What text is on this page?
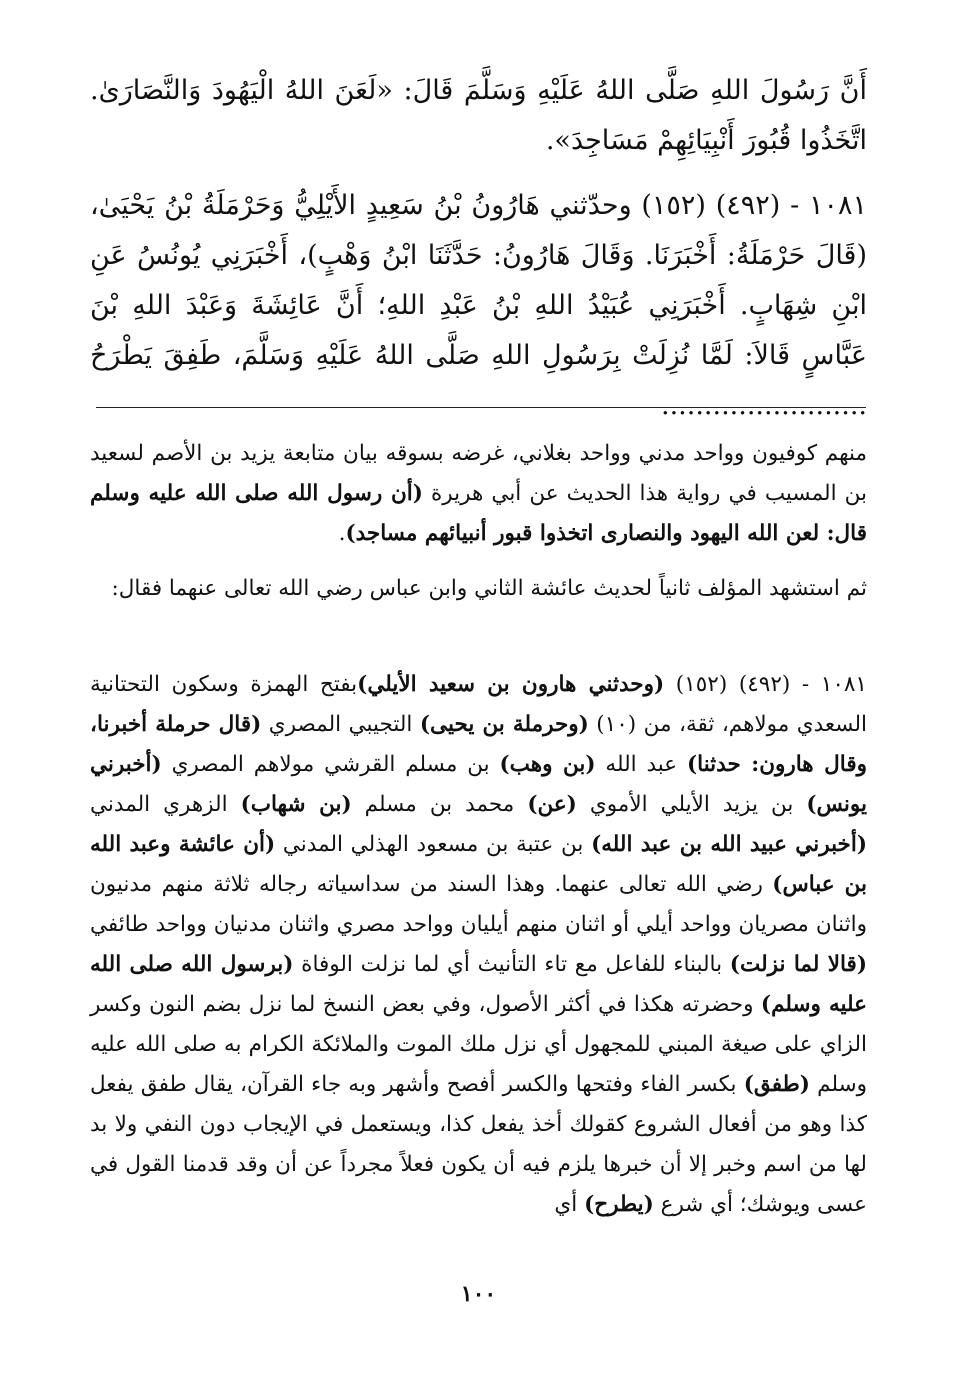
أَنَّ رَسُولَ اللهِ صَلَّى اللهُ عَلَيْهِ وَسَلَّمَ قَالَ: «لَعَنَ اللهُ الْيَهُودَ وَالنَّصَارَىٰ. اتَّخَذُوا قُبُورَ أَنْبِيَائِهِمْ مَسَاجِدَ».

١٠٨١ - (٤٩٢) (١٥٢) وحدّثني هَارُونُ بْنُ سَعِيدٍ الأَيْلِيُّ وَحَرْمَلَةُ بْنُ يَحْيَىٰ، (قَالَ حَرْمَلَةُ: أَخْبَرَنَا. وَقَالَ هَارُونُ: حَدَّثَنَا ابْنُ وَهْبٍ)، أَخْبَرَنِي يُونُسُ عَنِ ابْنِ شِهَابٍ. أَخْبَرَنِي عُبَيْدُ اللهِ بْنُ عَبْدِ اللهِ؛ أَنَّ عَائِشَةَ وَعَبْدَ اللهِ بْنَ عَبَّاسٍ قَالاَ: لَمَّا نُزِلَتْ بِرَسُولِ اللهِ صَلَّى اللهُ عَلَيْهِ وَسَلَّمَ، طَفِقَ يَطْرَحُ ........................

منهم كوفيون وواحد مدني وواحد بغلاني، غرضه بسوقه بيان متابعة يزيد بن الأصم لسعيد بن المسيب في رواية هذا الحديث عن أبي هريرة (أن رسول الله صلى الله عليه وسلم قال: لعن الله اليهود والنصارى اتخذوا قبور أنبيائهم مساجد).

ثم استشهد المؤلف ثانياً لحديث عائشة الثاني وابن عباس رضي الله تعالى عنهما فقال:

١٠٨١ - (٤٩٢) (١٥٢) (وحدثني هارون بن سعيد الأيلي)بفتح الهمزة وسكون التحتانية السعدي مولاهم، ثقة، من (١٠) (وحرملة بن يحيى) التجيبي المصري (قال حرملة أخبرنا، وقال هارون: حدثنا) عبد الله (بن وهب) بن مسلم القرشي مولاهم المصري (أخبرني يونس) بن يزيد الأيلي الأموي (عن) محمد بن مسلم (بن شهاب) الزهري المدني (أخبرني عبيد الله بن عبد الله) بن عتبة بن مسعود الهذلي المدني (أن عائشة وعبد الله بن عباس) رضي الله تعالى عنهما. وهذا السند من سداسياته رجاله ثلاثة منهم مدنيون واثنان مصريان وواحد أيلي أو اثنان منهم أيليان وواحد مصري واثنان مدنيان وواحد طائفي (قالا لما نزلت) بالبناء للفاعل مع تاء التأنيث أي لما نزلت الوفاة (برسول الله صلى الله عليه وسلم) وحضرته هكذا في أكثر الأصول، وفي بعض النسخ لما نزل بضم النون وكسر الزاي على صيغة المبني للمجهول أي نزل ملك الموت والملائكة الكرام به صلى الله عليه وسلم (طفق) بكسر الفاء وفتحها والكسر أفصح وأشهر وبه جاء القرآن، يقال طفق يفعل كذا وهو من أفعال الشروع كقولك أخذ يفعل كذا، ويستعمل في الإيجاب دون النفي ولا بد لها من اسم وخبر إلا أن خبرها يلزم فيه أن يكون فعلاً مجرداً عن أن وقد قدمنا القول في عسى ويوشك؛ أي شرع (يطرح) أي

١٠٠
